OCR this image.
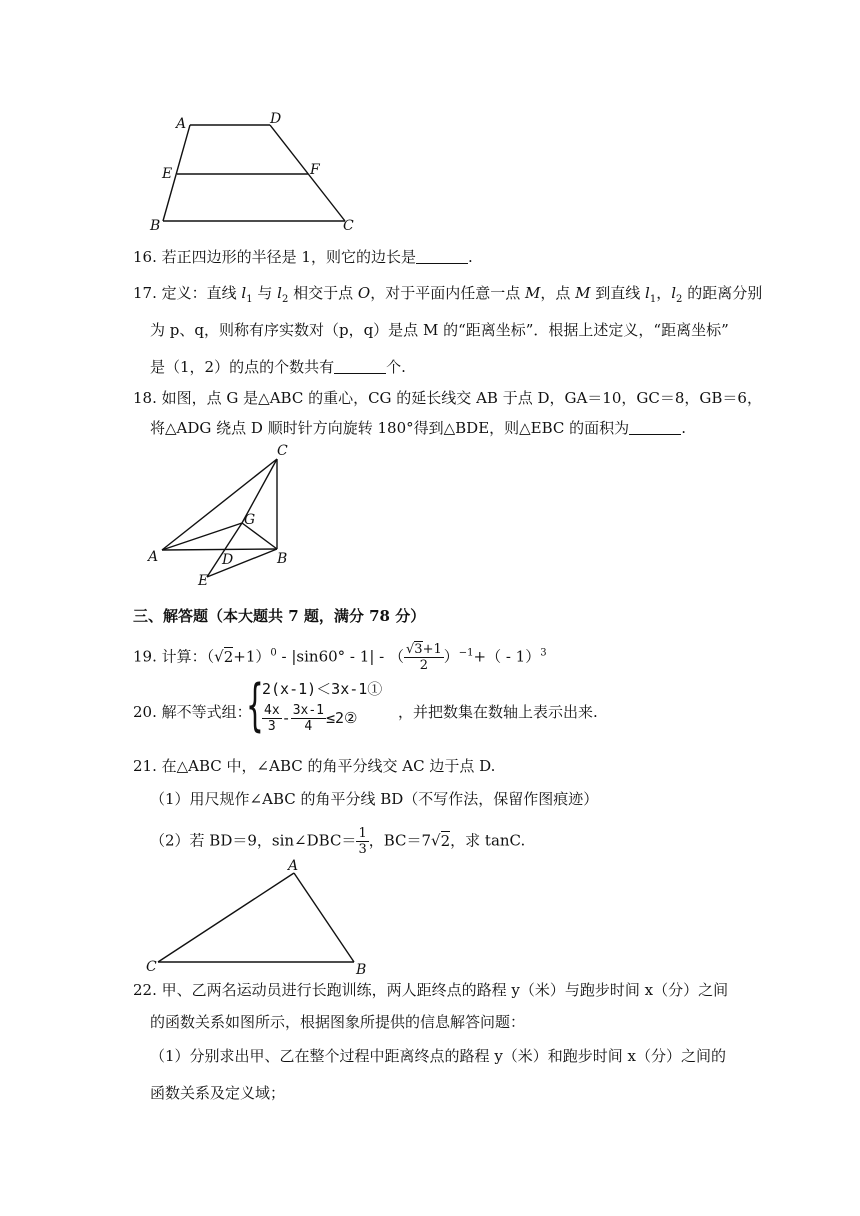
A	D
E	F
B	C
16. 若正四边形的半径是 1，则它的边长是	.
17. 定义：直线 $l_1$ 与 $l_2$ 相交于点 O，对于平面内任意一点 M，点 M 到直线 $l_1$，$l_2$ 的距离分别
为 p、q，则称有序实数对（p，q）是点 M 的“距离坐标”．根据上述定义，“距离坐标”
是（1，2）的点的个数共有	个.
18. 如图，点 G 是△ABC 的重心，CG 的延长线交 AB 于点 D，GA＝10，GC＝8，GB＝6，
将△ADG 绕点 D 顺时针方向旋转 180°得到△BDE，则△EBC 的面积为	.
C
G
A	D	B
E
三、解答题（本大题共 7 题，满分 78 分）
19. 计算：$(√2+1)^0 - |\sin 60^\circ - 1|$ - （ $\frac{√3+1}{2} )^{-1}+( - 1)^3$
20. 解不等式组：
{
2(x-1)＜3x-1①
$\frac{4x}{3} - \frac{3x-1}{4}$ ≤2②	，并把数集在数轴上表示出来.
21. 在△ABC 中，∠ABC 的角平分线交 AC 边于点 D.
（1）用尺规作∠ABC 的角平分线 BD（不写作法，保留作图痕迹）
（2）若 BD＝9，sin∠DBC＝ $\frac{1}{3}$ ，BC＝7√2，求 tanC.
A
C	B
22. 甲、乙两名运动员进行长跑训练，两人距终点的路程 y（米）与跑步时间 x（分）之间
的函数关系如图所示，根据图象所提供的信息解答问题：
（1）分别求出甲、乙在整个过程中距离终点的路程 y（米）和跑步时间 x（分）之间的
函数关系及定义域；
